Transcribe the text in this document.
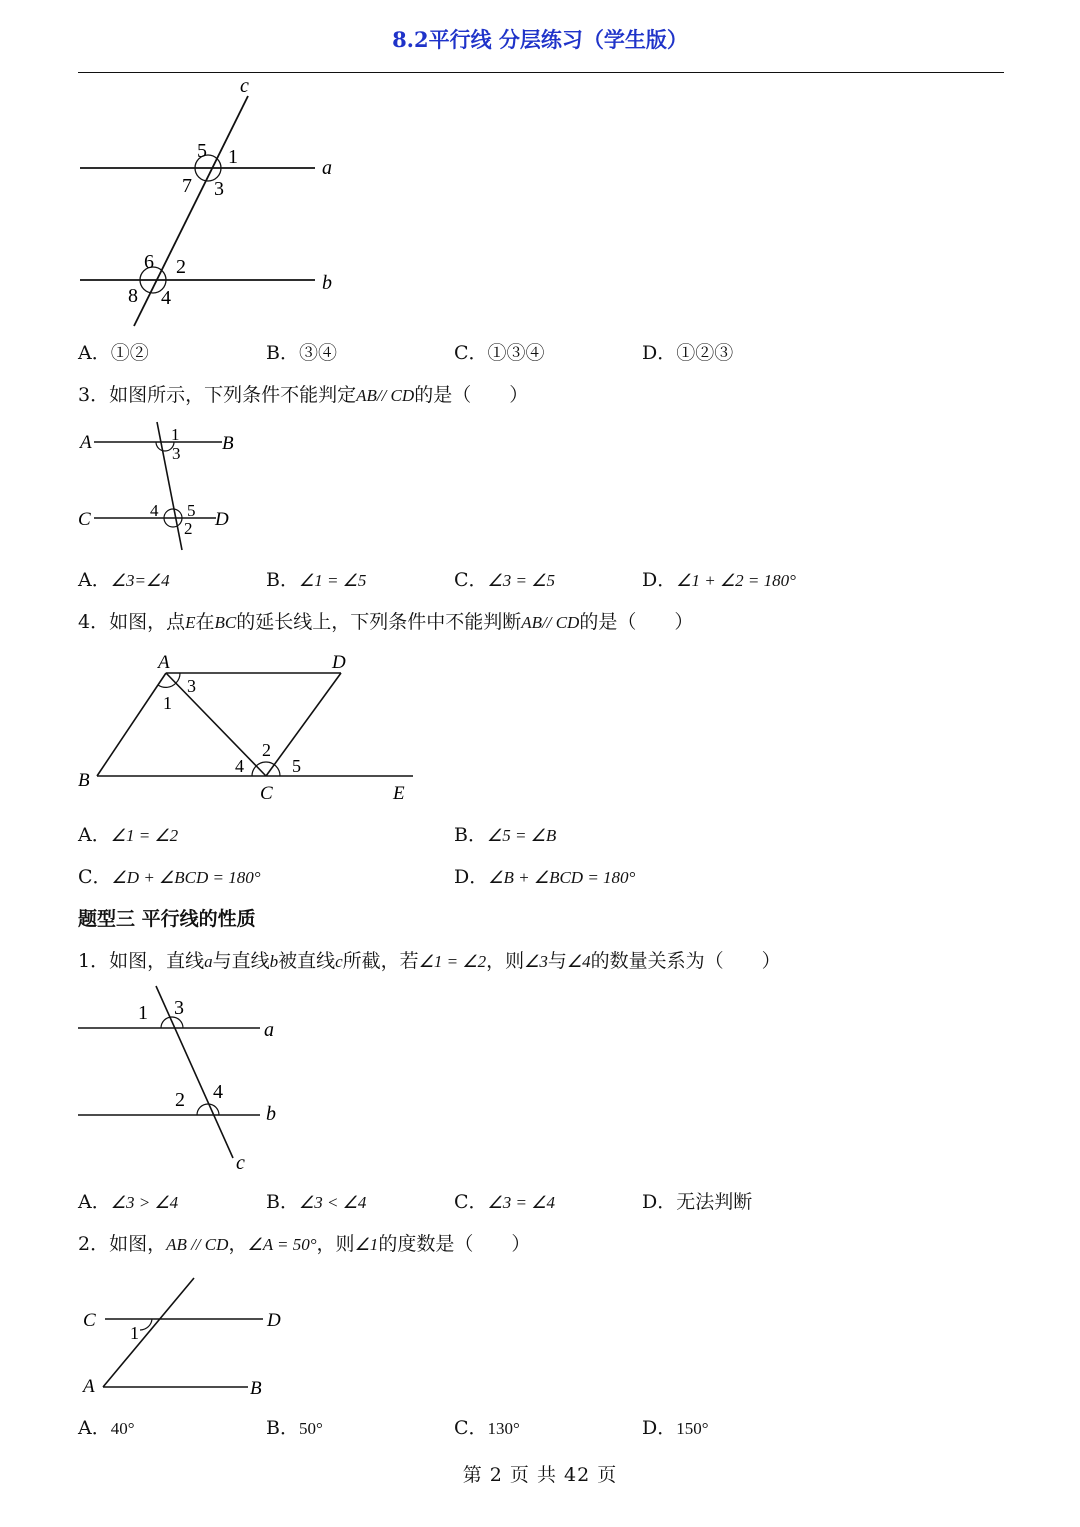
8.2平行线 分层练习（学生版）
c
a
b
5 1
7 3
6 2
8 4
A．①②	B．③④	C．①③④	D．①②③
3．如图所示，下列条件不能判定AB// CD的是（　　）
A	B
C	D
1
3
4 5
2
A．∠3=∠4	B．∠1 = ∠5	C．∠3 = ∠5	D．∠1 + ∠2 = 180°
4．如图，点E在BC的延长线上，下列条件中不能判断AB// CD的是（　　）
A	D
B
C	E
3
1
2
4	5
A．∠1 = ∠2	B．∠5 = ∠B
C．∠D + ∠BCD = 180°	D．∠B + ∠BCD = 180°
题型三 平行线的性质
1．如图，直线a与直线b被直线c所截，若∠1 = ∠2，则∠3与∠4的数量关系为（　　）
1 3
a
2 4
b
c
A．∠3 > ∠4	B．∠3 < ∠4	C．∠3 = ∠4	D．无法判断
2．如图，AB // CD，∠A = 50°，则∠1的度数是（　　）
C	D
1
A	B
A．40°	B．50°	C．130°	D．150°
第 2 页 共 42 页
